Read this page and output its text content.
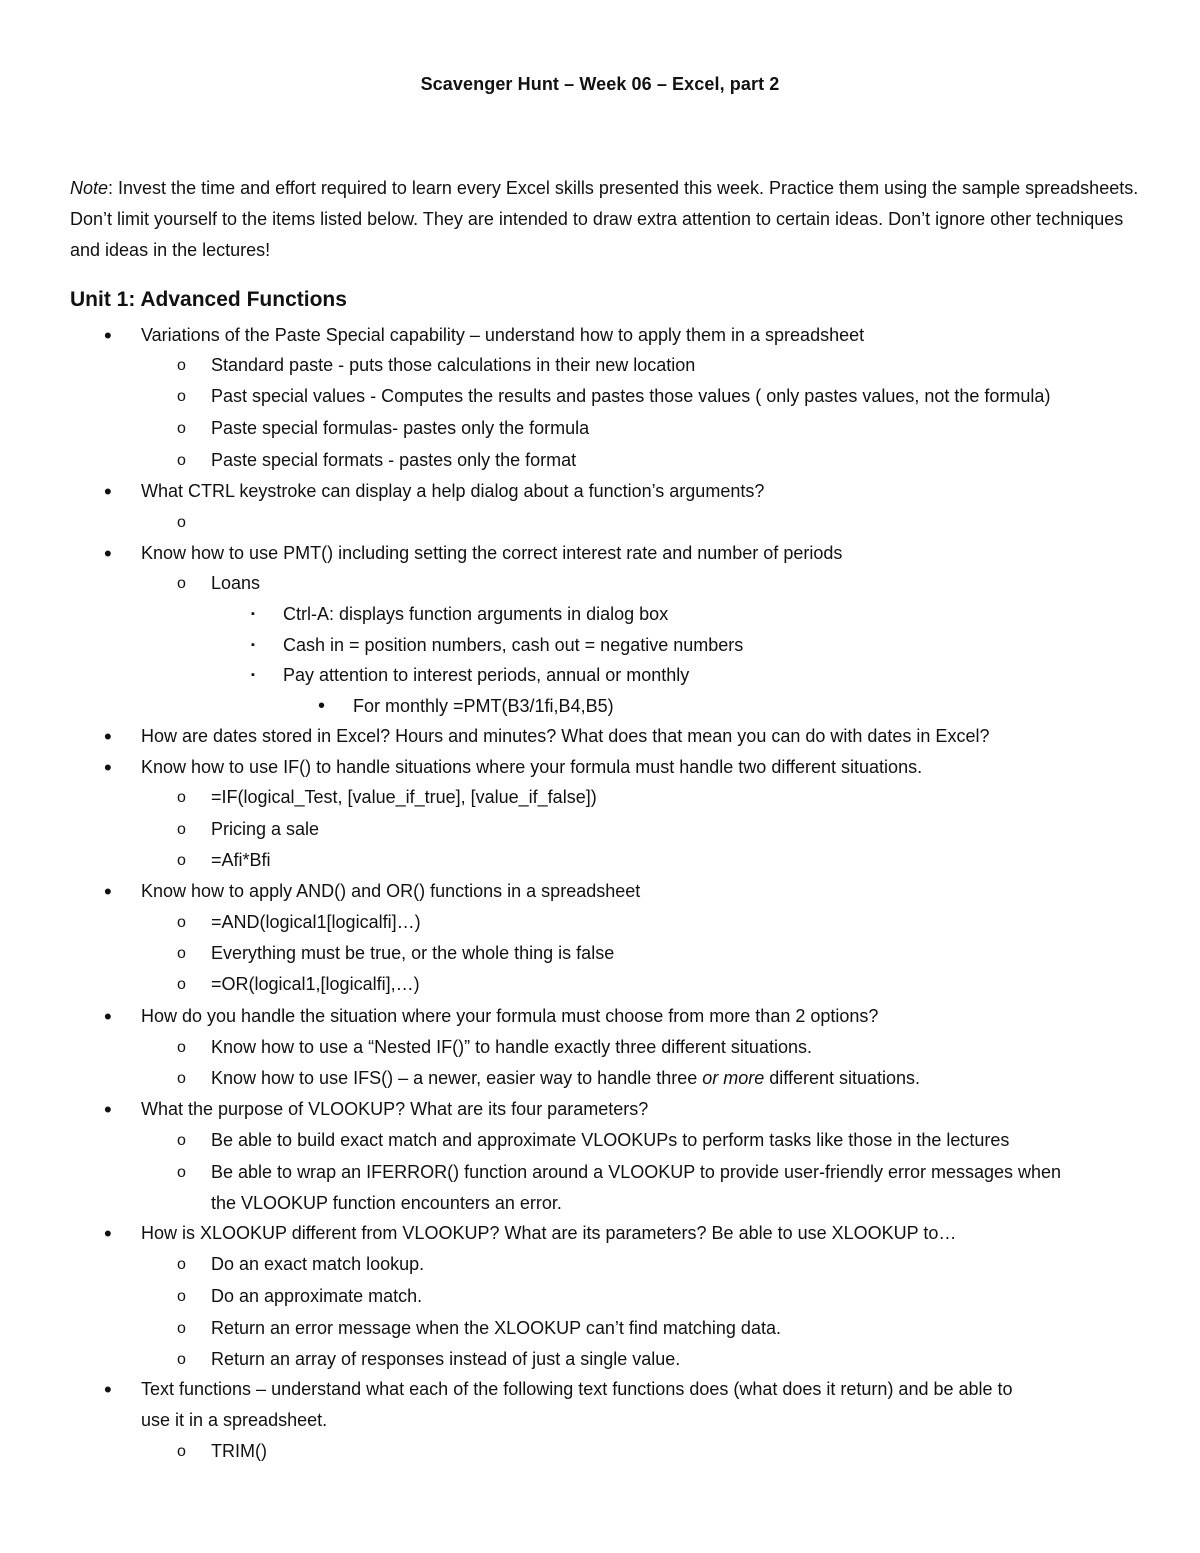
Scavenger Hunt – Week 06 – Excel, part 2
Note: Invest the time and effort required to learn every Excel skills presented this week. Practice them using the sample spreadsheets. Don’t limit yourself to the items listed below. They are intended to draw extra attention to certain ideas. Don’t ignore other techniques and ideas in the lectures!
Unit 1: Advanced Functions
• Variations of the Paste Special capability – understand how to apply them in a spreadsheet
o Standard paste - puts those calculations in their new location
o Past special values - Computes the results and pastes those values ( only pastes values, not the formula)
o Paste special formulas- pastes only the formula
o Paste special formats - pastes only the format
• What CTRL keystroke can display a help dialog about a function’s arguments?
o
• Know how to use PMT() including setting the correct interest rate and number of periods
o Loans
▪ Ctrl-A: displays function arguments in dialog box
▪ Cash in = position numbers, cash out = negative numbers
▪ Pay attention to interest periods, annual or monthly
• For monthly =PMT(B3/1fi,B4,B5)
• How are dates stored in Excel? Hours and minutes? What does that mean you can do with dates in Excel?
• Know how to use IF() to handle situations where your formula must handle two different situations.
o =IF(logical_Test, [value_if_true], [value_if_false])
o Pricing a sale
o =Afi*Bfi
• Know how to apply AND() and OR() functions in a spreadsheet
o =AND(logical1[logicalfi]…)
o Everything must be true, or the whole thing is false
o =OR(logical1,[logicalfi],…)
• How do you handle the situation where your formula must choose from more than 2 options?
o Know how to use a “Nested IF()” to handle exactly three different situations.
o Know how to use IFS() – a newer, easier way to handle three or more different situations.
• What the purpose of VLOOKUP? What are its four parameters?
o Be able to build exact match and approximate VLOOKUPs to perform tasks like those in the lectures
o Be able to wrap an IFERROR() function around a VLOOKUP to provide user-friendly error messages when
the VLOOKUP function encounters an error.
• How is XLOOKUP different from VLOOKUP? What are its parameters? Be able to use XLOOKUP to…
o Do an exact match lookup.
o Do an approximate match.
o Return an error message when the XLOOKUP can’t find matching data.
o Return an array of responses instead of just a single value.
• Text functions – understand what each of the following text functions does (what does it return) and be able to
use it in a spreadsheet.
o TRIM()
